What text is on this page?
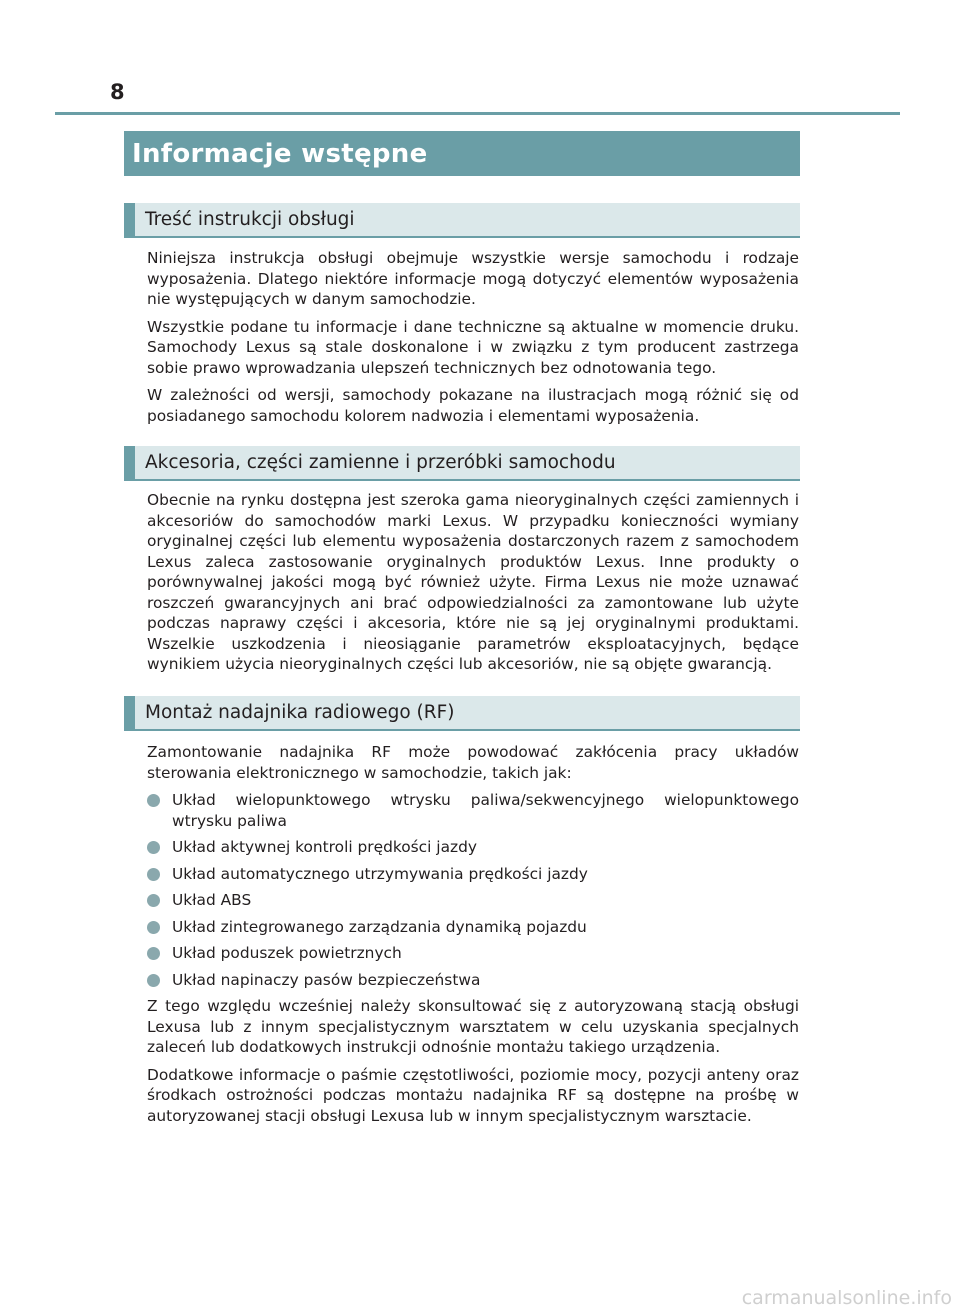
8
Informacje wstępne
Treść instrukcji obsługi

Niniejsza instrukcja obsługi obejmuje wszystkie wersje samochodu i rodzaje wyposażenia. Dlatego niektóre informacje mogą dotyczyć elementów wyposażenia nie występujących w danym samochodzie.

Wszystkie podane tu informacje i dane techniczne są aktualne w momencie druku. Samochody Lexus są stale doskonalone i w związku z tym producent zastrzega sobie prawo wprowadzania ulepszeń technicznych bez odnotowania tego.

W zależności od wersji, samochody pokazane na ilustracjach mogą różnić się od posiadanego samochodu kolorem nadwozia i elementami wyposażenia.

Akcesoria, części zamienne i przeróbki samochodu

Obecnie na rynku dostępna jest szeroka gama nieoryginalnych części zamiennych i akcesoriów do samochodów marki Lexus. W przypadku konieczności wymiany oryginalnej części lub elementu wyposażenia dostarczonych razem z samochodem Lexus zaleca zastosowanie oryginalnych produktów Lexus. Inne produkty o porównywalnej jakości mogą być również użyte. Firma Lexus nie może uznawać roszczeń gwarancyjnych ani brać odpowiedzialności za zamontowane lub użyte podczas naprawy części i akcesoria, które nie są jej oryginalnymi produktami. Wszelkie uszkodzenia i nieosiąganie parametrów eksploatacyjnych, będące wynikiem użycia nieoryginalnych części lub akcesoriów, nie są objęte gwarancją.

Montaż nadajnika radiowego (RF)

Zamontowanie nadajnika RF może powodować zakłócenia pracy układów sterowania elektronicznego w samochodzie, takich jak:

Układ wielopunktowego wtrysku paliwa/sekwencyjnego wielopunktowego wtrysku paliwa
Układ aktywnej kontroli prędkości jazdy
Układ automatycznego utrzymywania prędkości jazdy
Układ ABS
Układ zintegrowanego zarządzania dynamiką pojazdu
Układ poduszek powietrznych
Układ napinaczy pasów bezpieczeństwa

Z tego względu wcześniej należy skonsultować się z autoryzowaną stacją obsługi Lexusa lub z innym specjalistycznym warsztatem w celu uzyskania specjalnych zaleceń lub dodatkowych instrukcji odnośnie montażu takiego urządzenia.

Dodatkowe informacje o paśmie częstotliwości, poziomie mocy, pozycji anteny oraz środkach ostrożności podczas montażu nadajnika RF są dostępne na prośbę w autoryzowanej stacji obsługi Lexusa lub w innym specjalistycznym warsztacie.

carmanualsonline.info
